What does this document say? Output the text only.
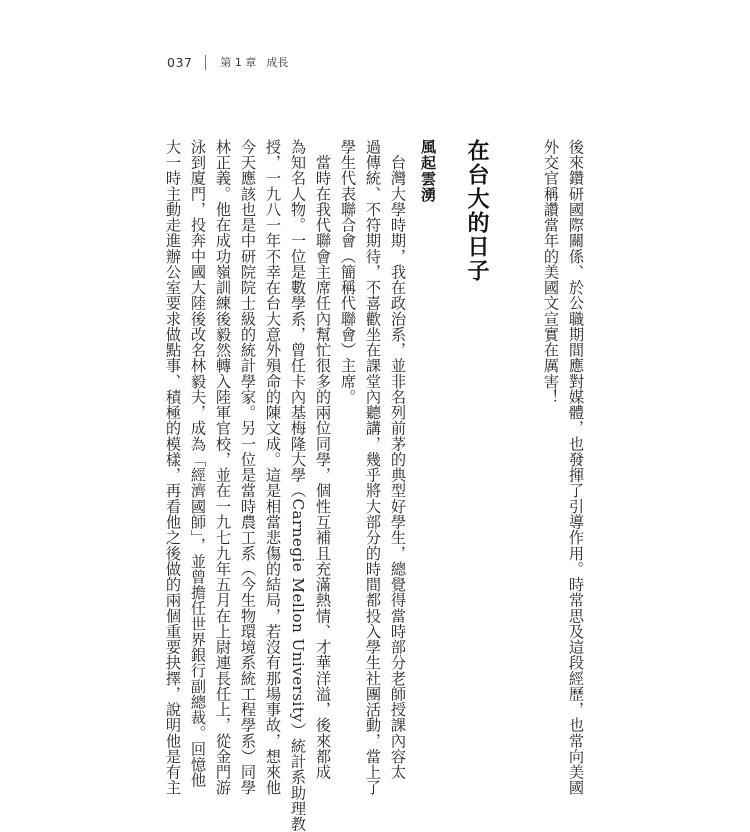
037	第 1 章 成長
後來鑽研國際關係、於公職期間應對媒體，也發揮了引導作用。時常思及這段經歷，也常向美國
外交官稱讚當年的美國文宣實在厲害！
在台大的日子
風起雲湧
　台灣大學時期，我在政治系，並非名列前茅的典型好學生，總覺得當時部分老師授課內容太
過傳統、不符期待，不喜歡坐在課堂內聽講，幾乎將大部分的時間都投入學生社團活動，當上了
學生代表聯合會（簡稱代聯會）主席。
　當時在我代聯會主席任內幫忙很多的兩位同學，個性互補且充滿熱情、才華洋溢，後來都成
為知名人物。一位是數學系，曾任卡內基梅隆大學（Carnegie Mellon University）統計系助理教
授，一九八一年不幸在台大意外殞命的陳文成。這是相當悲傷的結局，若沒有那場事故，想來他
今天應該也是中研院院士級的統計學家。另一位是當時農工系（今生物環境系統工程學系）同學
林正義。他在成功嶺訓練後毅然轉入陸軍官校，並在一九七九年五月在上尉連長任上，從金門游
泳到廈門，投奔中國大陸後改名林毅夫，成為「經濟國師」，並曾擔任世界銀行副總裁。回憶他
大一時主動走進辦公室要求做點事、積極的模樣，再看他之後做的兩個重要抉擇，說明他是有主
